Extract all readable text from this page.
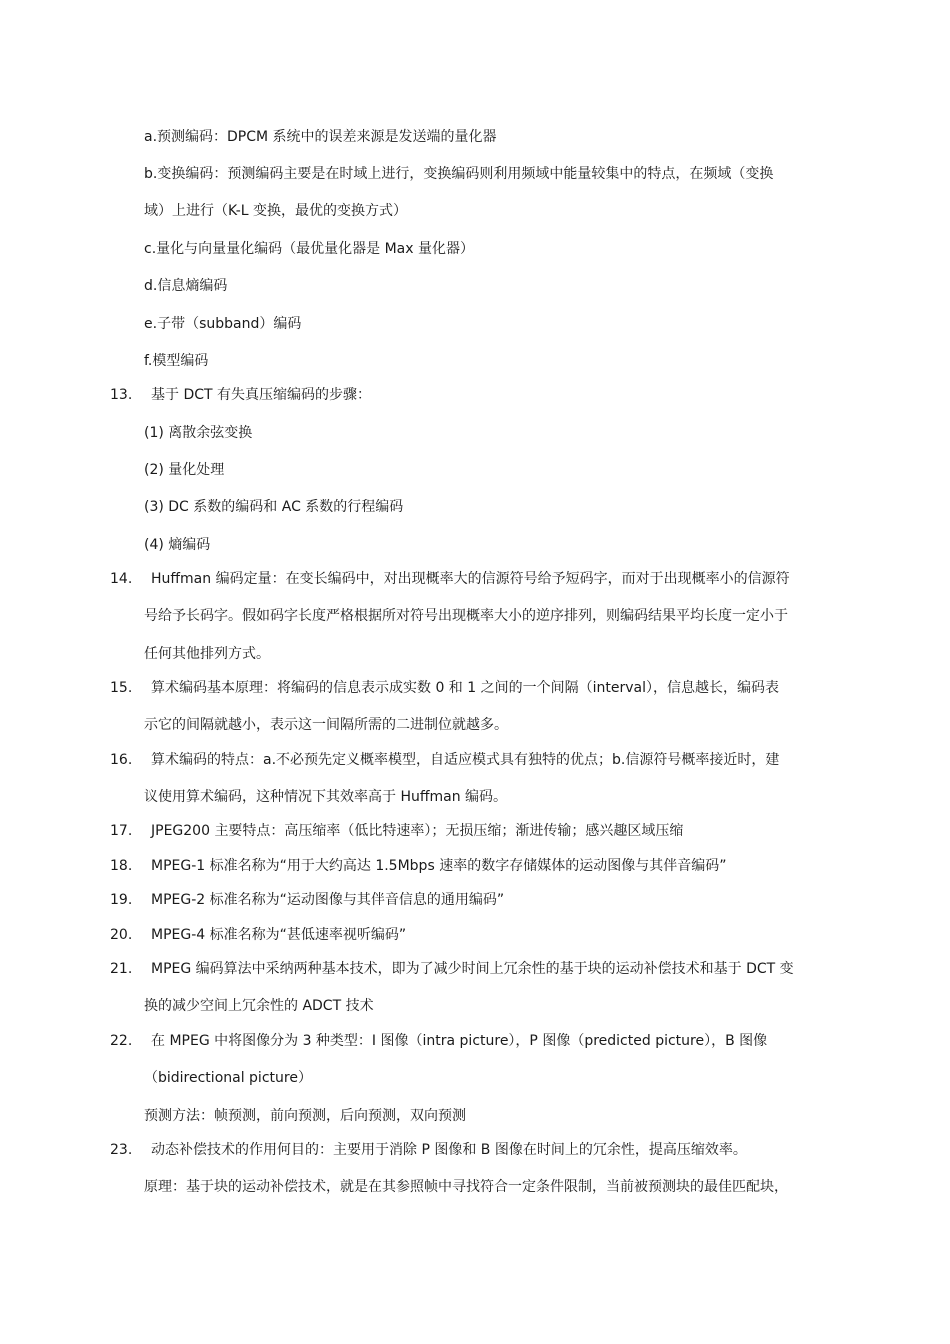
a.预测编码：DPCM 系统中的误差来源是发送端的量化器
b.变换编码：预测编码主要是在时域上进行，变换编码则利用频域中能量较集中的特点，在频域（变换
域）上进行（K-L 变换，最优的变换方式）
c.量化与向量量化编码（最优量化器是 Max 量化器）
d.信息熵编码
e.子带（subband）编码
f.模型编码
13. 基于 DCT 有失真压缩编码的步骤：
(1) 离散余弦变换
(2) 量化处理
(3) DC 系数的编码和 AC 系数的行程编码
(4) 熵编码
14. Huffman 编码定量：在变长编码中，对出现概率大的信源符号给予短码字，而对于出现概率小的信源符
号给予长码字。假如码字长度严格根据所对符号出现概率大小的逆序排列，则编码结果平均长度一定小于
任何其他排列方式。
15. 算术编码基本原理：将编码的信息表示成实数 0 和 1 之间的一个间隔（interval），信息越长，编码表
示它的间隔就越小，表示这一间隔所需的二进制位就越多。
16. 算术编码的特点：a.不必预先定义概率模型，自适应模式具有独特的优点；b.信源符号概率接近时，建
议使用算术编码，这种情况下其效率高于 Huffman 编码。
17. JPEG200 主要特点：高压缩率（低比特速率）；无损压缩；渐进传输；感兴趣区域压缩
18. MPEG-1 标准名称为“用于大约高达 1.5Mbps 速率的数字存储媒体的运动图像与其伴音编码”
19. MPEG-2 标准名称为“运动图像与其伴音信息的通用编码”
20. MPEG-4 标准名称为“甚低速率视听编码”
21. MPEG 编码算法中采纳两种基本技术，即为了减少时间上冗余性的基于块的运动补偿技术和基于 DCT 变
换的减少空间上冗余性的 ADCT 技术
22. 在 MPEG 中将图像分为 3 种类型：I 图像（intra picture），P 图像（predicted picture），B 图像
（bidirectional picture）
预测方法：帧预测，前向预测，后向预测，双向预测
23. 动态补偿技术的作用何目的：主要用于消除 P 图像和 B 图像在时间上的冗余性，提高压缩效率。
原理：基于块的运动补偿技术，就是在其参照帧中寻找符合一定条件限制，当前被预测块的最佳匹配块，
